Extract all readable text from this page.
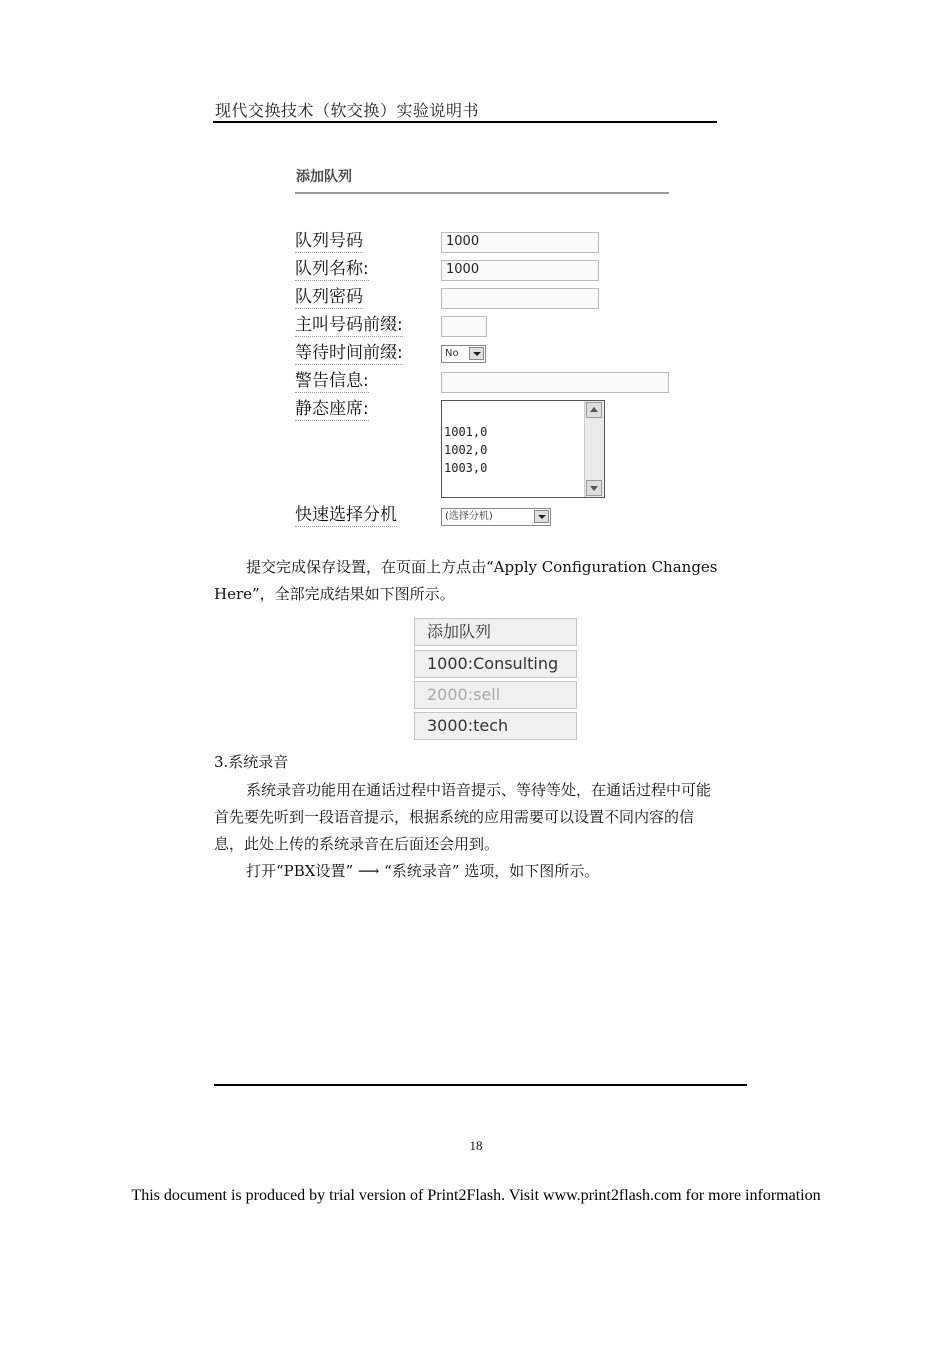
现代交换技术（软交换）实验说明书
添加队列
队列号码	1000
队列名称:	1000
队列密码
主叫号码前缀:
等待时间前缀:	No
警告信息:
静态座席:
1001,0
1002,0
1003,0
快速选择分机	(选择分机)
提交完成保存设置，在页面上方点击“Apply Configuration Changes
Here”，全部完成结果如下图所示。
添加队列
1000:Consulting
2000:sell
3000:tech
3.系统录音
系统录音功能用在通话过程中语音提示、等待等处，在通话过程中可能
首先要先听到一段语音提示，根据系统的应用需要可以设置不同内容的信
息，此处上传的系统录音在后面还会用到。
打开“PBX设置” ⟶ “系统录音” 选项，如下图所示。
18
This document is produced by trial version of Print2Flash. Visit www.print2flash.com for more information
